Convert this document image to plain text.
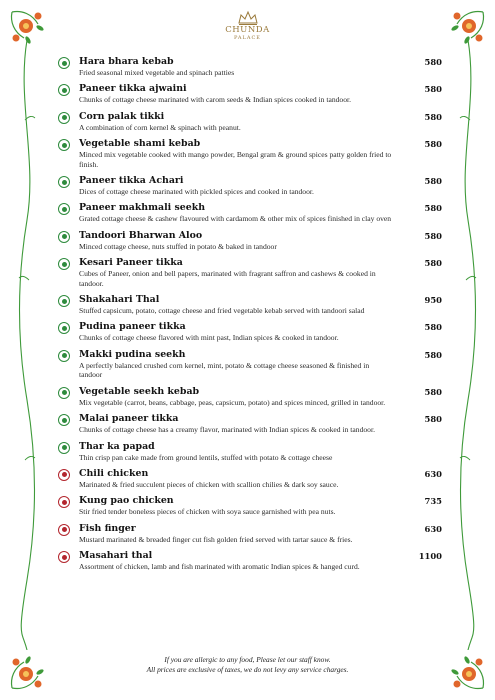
CHUNDA
PALACE
Hara bhara kebab
Fried seasonal mixed vegetable and spinach patties
580
Paneer tikka ajwaini
Chunks of cottage cheese marinated with carom seeds & Indian spices cooked in tandoor.
580
Corn palak tikki
A combination of corn kernel & spinach with peanut.
580
Vegetable shami kebab
Minced mix vegetable cooked with mango powder, Bengal gram & ground spices patty golden fried to finish.
580
Paneer tikka Achari
Dices of cottage cheese marinated with pickled spices and cooked in tandoor.
580
Paneer makhmali seekh
Grated cottage cheese & cashew flavoured with cardamom & other mix of spices finished in clay oven
580
Tandoori Bharwan Aloo
Minced cottage cheese, nuts stuffed in potato & baked in tandoor
580
Kesari Paneer tikka
Cubes of Paneer, onion and bell papers, marinated with fragrant saffron and cashews & cooked in tandoor.
580
Shakahari Thal
Stuffed capsicum, potato, cottage cheese and fried vegetable kebab served with tandoori salad
950
Pudina paneer tikka
Chunks of cottage cheese flavored with mint past, Indian spices & cooked in tandoor.
580
Makki pudina seekh
A perfectly balanced crushed corn kernel, mint, potato & cottage cheese seasoned & finished in tandoor
580
Vegetable seekh kebab
Mix vegetable (carrot, beans, cabbage, peas, capsicum, potato) and spices minced, grilled in tandoor.
580
Malai paneer tikka
Chunks of cottage cheese has a creamy flavor, marinated with Indian spices & cooked in tandoor.
580
Thar ka papad
Thin crisp pan cake made from ground lentils, stuffed with potato & cottage cheese
Chili chicken
Marinated & fried succulent pieces of chicken with scallion chilies & dark soy sauce.
630
Kung pao chicken
Stir fried tender boneless pieces of chicken with soya sauce garnished with pea nuts.
735
Fish finger
Mustard marinated & breaded finger cut fish golden fried served with tartar sauce & fries.
630
Masahari thal
Assortment of chicken, lamb and fish marinated with aromatic Indian spices & hanged curd.
1100
If you are allergic to any food, Please let our staff know.
All prices are exclusive of taxes, we do not levy any service charges.
